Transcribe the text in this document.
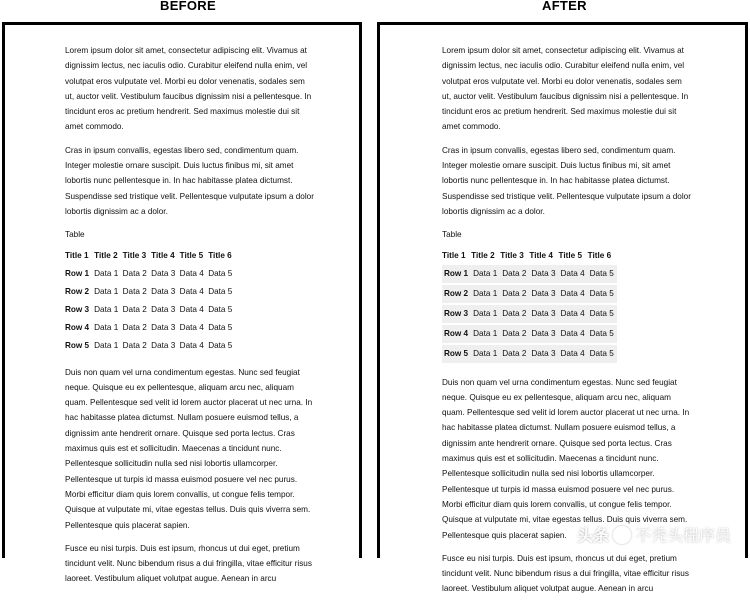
BEFORE	AFTER

Lorem ipsum dolor sit amet, consectetur adipiscing elit. Vivamus at dignissim lectus, nec iaculis odio. Curabitur eleifend nulla enim, vel volutpat eros vulputate vel. Morbi eu dolor venenatis, sodales sem ut, auctor velit. Vestibulum faucibus dignissim nisi a pellentesque. In tincidunt eros ac pretium hendrerit. Sed maximus molestie dui sit amet commodo.

Cras in ipsum convallis, egestas libero sed, condimentum quam. Integer molestie ornare suscipit. Duis luctus finibus mi, sit amet lobortis nunc pellentesque in. In hac habitasse platea dictumst. Suspendisse sed tristique velit. Pellentesque vulputate ipsum a dolor lobortis dignissim ac a dolor.

Table
Title 1	Title 2	Title 3	Title 4	Title 5	Title 6
Row 1	Data 1	Data 2	Data 3	Data 4	Data 5
Row 2	Data 1	Data 2	Data 3	Data 4	Data 5
Row 3	Data 1	Data 2	Data 3	Data 4	Data 5
Row 4	Data 1	Data 2	Data 3	Data 4	Data 5
Row 5	Data 1	Data 2	Data 3	Data 4	Data 5

Duis non quam vel urna condimentum egestas. Nunc sed feugiat neque. Quisque eu ex pellentesque, aliquam arcu nec, aliquam quam. Pellentesque sed velit id lorem auctor placerat ut nec urna. In hac habitasse platea dictumst. Nullam posuere euismod tellus, a dignissim ante hendrerit ornare. Quisque sed porta lectus. Cras maximus quis est et sollicitudin. Maecenas a tincidunt nunc. Pellentesque sollicitudin nulla sed nisi lobortis ullamcorper. Pellentesque ut turpis id massa euismod posuere vel nec purus. Morbi efficitur diam quis lorem convallis, ut congue felis tempor. Quisque at vulputate mi, vitae egestas tellus. Duis quis viverra sem. Pellentesque quis placerat sapien.

Fusce eu nisi turpis. Duis est ipsum, rhoncus ut dui eget, pretium tincidunt velit. Nunc bibendum risus a dui fringilla, vitae efficitur risus laoreet. Vestibulum aliquet volutpat augue. Aenean in arcu

Lorem ipsum dolor sit amet, consectetur adipiscing elit. Vivamus at dignissim lectus, nec iaculis odio. Curabitur eleifend nulla enim, vel volutpat eros vulputate vel. Morbi eu dolor venenatis, sodales sem ut, auctor velit. Vestibulum faucibus dignissim nisi a pellentesque. In tincidunt eros ac pretium hendrerit. Sed maximus molestie dui sit amet commodo.

Cras in ipsum convallis, egestas libero sed, condimentum quam. Integer molestie ornare suscipit. Duis luctus finibus mi, sit amet lobortis nunc pellentesque in. In hac habitasse platea dictumst. Suspendisse sed tristique velit. Pellentesque vulputate ipsum a dolor lobortis dignissim ac a dolor.

Table
Title 1	Title 2	Title 3	Title 4	Title 5	Title 6
Row 1	Data 1	Data 2	Data 3	Data 4	Data 5
Row 2	Data 1	Data 2	Data 3	Data 4	Data 5
Row 3	Data 1	Data 2	Data 3	Data 4	Data 5
Row 4	Data 1	Data 2	Data 3	Data 4	Data 5
Row 5	Data 1	Data 2	Data 3	Data 4	Data 5

Duis non quam vel urna condimentum egestas. Nunc sed feugiat neque. Quisque eu ex pellentesque, aliquam arcu nec, aliquam quam. Pellentesque sed velit id lorem auctor placerat ut nec urna. In hac habitasse platea dictumst. Nullam posuere euismod tellus, a dignissim ante hendrerit ornare. Quisque sed porta lectus. Cras maximus quis est et sollicitudin. Maecenas a tincidunt nunc. Pellentesque sollicitudin nulla sed nisi lobortis ullamcorper. Pellentesque ut turpis id massa euismod posuere vel nec purus. Morbi efficitur diam quis lorem convallis, ut congue felis tempor. Quisque at vulputate mi, vitae egestas tellus. Duis quis viverra sem. Pellentesque quis placerat sapien.

Fusce eu nisi turpis. Duis est ipsum, rhoncus ut dui eget, pretium tincidunt velit. Nunc bibendum risus a dui fringilla, vitae efficitur risus laoreet. Vestibulum aliquet volutpat augue. Aenean in arcu

头条 不秃头程序员
